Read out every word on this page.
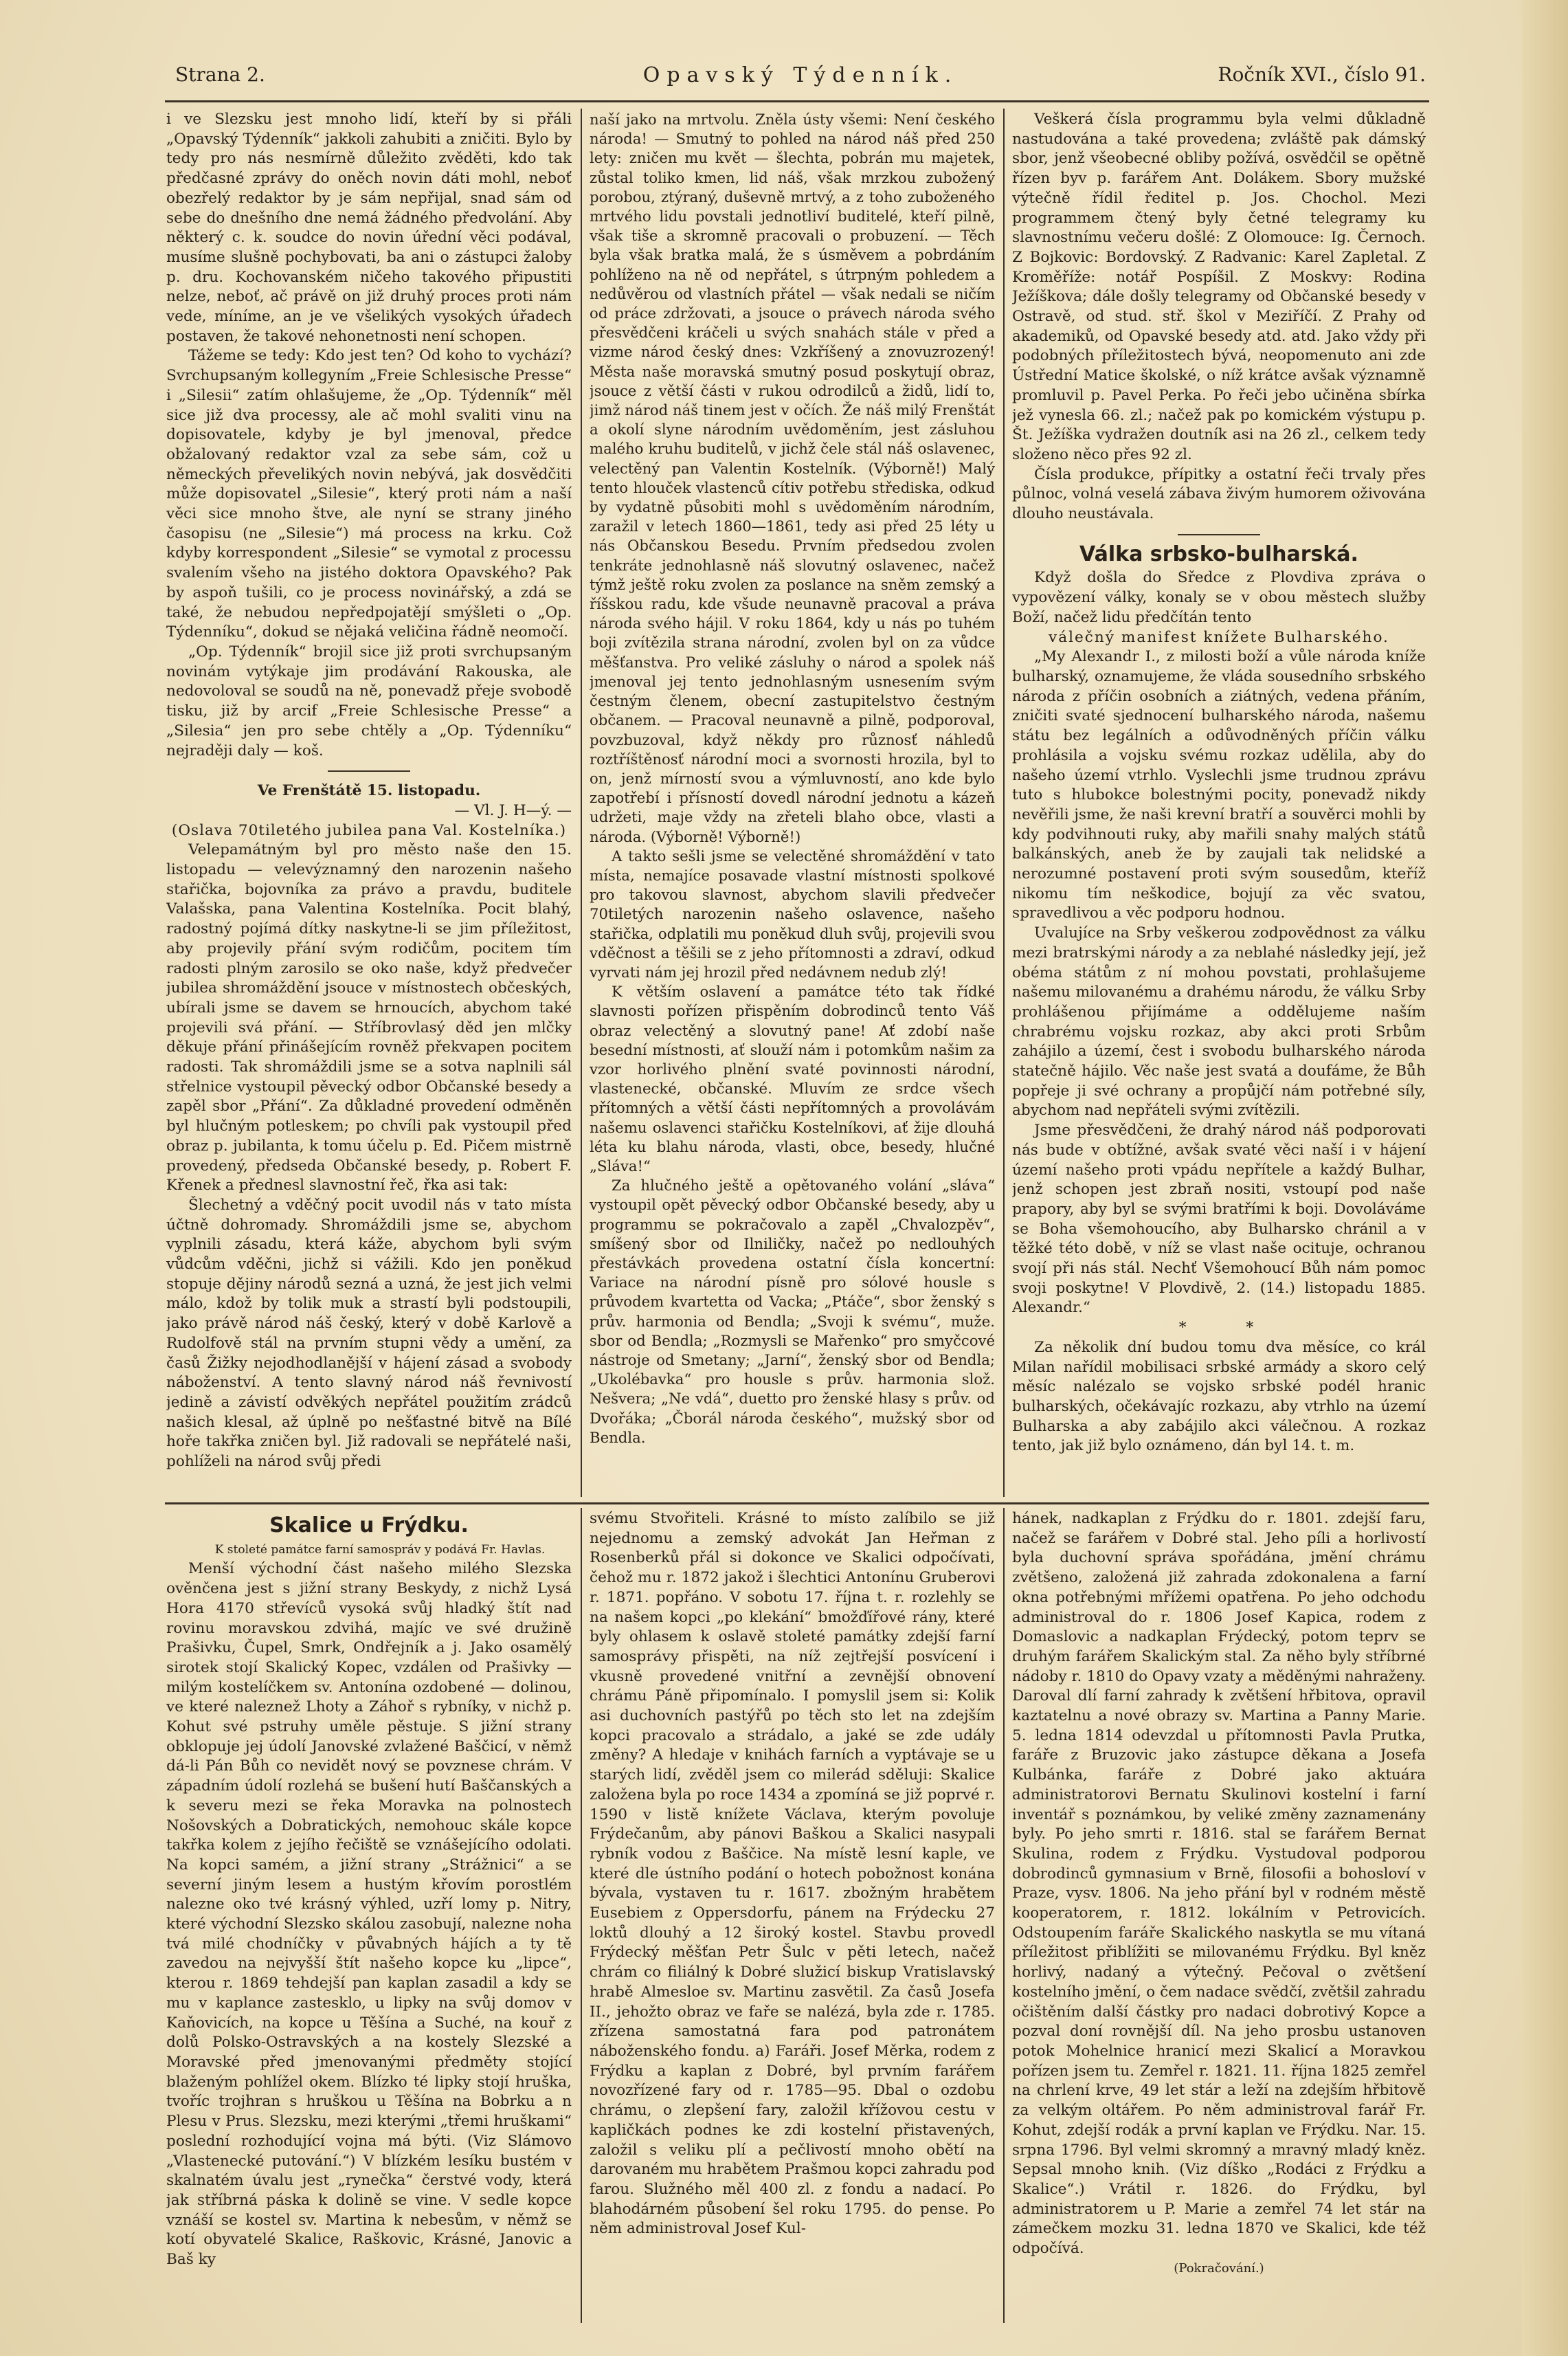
Strana 2.	Opavský Týdenník.	Ročník XVI., číslo 91.

i ve Slezsku jest mnoho lidí, kteří by si přáli „Opavský Týdenník“ jakkoli zahubiti a zničiti. Bylo by tedy pro nás nesmírně důležito zvěděti, kdo tak předčasné zprávy do oněch novin dáti mohl, neboť obezřelý redaktor by je sám nepřijal, snad sám od sebe do dnešního dne nemá žádného předvolání. Aby některý c. k. soudce do novin úřední věci podával, musíme slušně pochybovati, ba ani o zástupci žaloby p. dru. Kochovanském ničeho takového připustiti nelze, neboť, ač právě on již druhý proces proti nám vede, míníme, an je ve všelikých vysokých úřadech postaven, že takové nehonetnosti není schopen.

Tážeme se tedy: Kdo jest ten? Od koho to vychází? Svrchupsaným kollegyním „Freie Schlesische Presse“ i „Silesii“ zatím ohlašujeme, že „Op. Týdenník“ měl sice již dva processy, ale ač mohl svaliti vinu na dopisovatele, kdyby je byl jmenoval, předce obžalovaný redaktor vzal za sebe sám, což u německých převelikých novin nebývá, jak dosvědčiti může dopisovatel „Silesie“, který proti nám a naší věci sice mnoho štve, ale nyní se strany jiného časopisu (ne „Silesie“) má process na krku. Což kdyby korrespondent „Silesie“ se vymotal z processu svalením všeho na jistého doktora Opavského? Pak by aspoň tušili, co je process novinářský, a zdá se také, že nebudou nepředpojatějí smýšleti o „Op. Týdenníku“, dokud se nějaká veličina řádně neomočí.

„Op. Týdenník“ brojil sice již proti svrchupsaným novinám vytýkaje jim prodávání Rakouska, ale nedovoloval se soudů na ně, ponevadž přeje svobodě tisku, již by arcif „Freie Schlesische Presse“ a „Silesia“ jen pro sebe chtěly a „Op. Týdenníku“ nejraději daly — koš.

Ve Frenštátě 15. listopadu.

— Vl. J. H—ý. —

(Oslava 70tiletého jubilea pana Val. Kostelníka.)

Velepamátným byl pro město naše den 15. listopadu — velevýznamný den narozenin našeho stařička, bojovníka za právo a pravdu, buditele Valašska, pana Valentina Kostelníka. Pocit blahý, radostný pojímá dítky naskytne-li se jim příležitost, aby projevily přání svým rodičům, pocitem tím radosti plným zarosilo se oko naše, když předvečer jubilea shromáždění jsouce v místnostech občeských, ubírali jsme se davem se hrnoucích, abychom také projevili svá přání. — Stříbrovlasý děd jen mlčky děkuje přání přinášejícím rovněž překvapen pocitem radosti. Tak shromáždili jsme se a sotva naplnili sál střelnice vystoupil pěvecký odbor Občanské besedy a zapěl sbor „Přání“. Za důkladné provedení odměněn byl hlučným potleskem; po chvíli pak vystoupil před obraz p. jubilanta, k tomu účelu p. Ed. Pičem mistrně provedený, předseda Občanské besedy, p. Robert F. Křenek a přednesl slavnostní řeč, řka asi tak:

Šlechetný a vděčný pocit uvodil nás v tato místa účtně dohromady. Shromáždili jsme se, abychom vyplnili zásadu, která káže, abychom byli svým vůdcům vděčni, jichž si vážili. Kdo jen poněkud stopuje dějiny národů sezná a uzná, že jest jich velmi málo, kdož by tolik muk a strastí byli podstoupili, jako právě národ náš český, který v době Karlově a Rudolfově stál na prvním stupni vědy a umění, za časů Žižky nejodhodlanější v hájení zásad a svobody náboženství. A tento slavný národ náš řevnivostí jedině a závistí odvěkých nepřátel použitím zrádců našich klesal, až úplně po nešťastné bitvě na Bílé hoře takřka zničen byl. Již radovali se nepřátelé naši, pohlíželi na národ svůj předi

naší jako na mrtvolu. Zněla ústy všemi: Není českého národa! — Smutný to pohled na národ náš před 250 lety: zničen mu květ — šlechta, pobrán mu majetek, zůstal toliko kmen, lid náš, však mrzkou zubožený porobou, ztýraný, duševně mrtvý, a z toho zuboženého mrtvého lidu povstali jednotliví buditelé, kteří pilně, však tiše a skromně pracovali o probuzení. — Těch byla však bratka malá, že s úsměvem a pobrdáním pohlíženo na ně od nepřátel, s útrpným pohledem a nedůvěrou od vlastních přátel — však nedali se ničím od práce zdržovati, a jsouce o právech národa svého přesvědčeni kráčeli u svých snahách stále v před a vizme národ český dnes: Vzkříšený a znovuzrozený! Města naše moravská smutný posud poskytují obraz, jsouce z větší části v rukou odrodilců a židů, lidí to, jimž národ náš tinem jest v očích. Že náš milý Frenštát a okolí slyne národním uvědoměním, jest zásluhou malého kruhu buditelů, v jichž čele stál náš oslavenec, velectěný pan Valentin Kostelník. (Výborně!) Malý tento hlouček vlastenců cítiv potřebu střediska, odkud by vydatně působiti mohl s uvědoměním národním, zaražil v letech 1860—1861, tedy asi před 25 léty u nás Občanskou Besedu. Prvním předsedou zvolen tenkráte jednohlasně náš slovutný oslavenec, načež týmž ještě roku zvolen za poslance na sněm zemský a říšskou radu, kde všude neunavně pracoval a práva národa svého hájil. V roku 1864, kdy u nás po tuhém boji zvítězila strana národní, zvolen byl on za vůdce měšťanstva. Pro veliké zásluhy o národ a spolek náš jmenoval jej tento jednohlasným usnesením svým čestným členem, obecní zastupitelstvo čestným občanem. — Pracoval neunavně a pilně, podporoval, povzbuzoval, když někdy pro různosť náhledů roztříštěnosť národní moci a svornosti hrozila, byl to on, jenž mírností svou a výmluvností, ano kde bylo zapotřebí i přísností dovedl národní jednotu a kázeň udržeti, maje vždy na zřeteli blaho obce, vlasti a národa. (Výborně! Výborně!)

A takto sešli jsme se velectěné shromáždění v tato místa, nemajíce posavade vlastní místnosti spolkové pro takovou slavnost, abychom slavili předvečer 70tiletých narozenin našeho oslavence, našeho stařička, odplatili mu poněkud dluh svůj, projevili svou vděčnost a těšili se z jeho přítomnosti a zdraví, odkud vyrvati nám jej hrozil před nedávnem nedub zlý!

K větším oslavení a památce této tak řídké slavnosti pořízen přispěním dobrodinců tento Váš obraz velectěný a slovutný pane! Ať zdobí naše besední místnosti, ať slouží nám i potomkům našim za vzor horlivého plnění svaté povinnosti národní, vlastenecké, občanské. Mluvím ze srdce všech přítomných a větší části nepřítomných a provolávám našemu oslavenci stařičku Kostelníkovi, ať žije dlouhá léta ku blahu národa, vlasti, obce, besedy, hlučné „Sláva!“

Za hlučného ještě a opětovaného volání „sláva“ vystoupil opět pěvecký odbor Občanské besedy, aby u programmu se pokračovalo a zapěl „Chvalozpěv“, smíšený sbor od Ilniličky, načež po nedlouhých přestávkách provedena ostatní čísla koncertní: Variace na národní písně pro sólové housle s průvodem kvartetta od Vacka; „Ptáče“, sbor ženský s prův. harmonia od Bendla; „Svoji k svému“, muže. sbor od Bendla; „Rozmysli se Mařenko“ pro smyčcové nástroje od Smetany; „Jarní“, ženský sbor od Bendla; „Ukolébavka“ pro housle s prův. harmonia slož. Nešvera; „Ne vdá“, duetto pro ženské hlasy s prův. od Dvořáka; „Čborál národa českého“, mužský sbor od Bendla.

Veškerá čísla programmu byla velmi důkladně nastudována a také provedena; zvláště pak dámský sbor, jenž všeobecné obliby požívá, osvědčil se opětně řízen byv p. farářem Ant. Dolákem. Sbory mužské výtečně řídil ředitel p. Jos. Chochol. Mezi programmem čtený byly četné telegramy ku slavnostnímu večeru došlé: Z Olomouce: Ig. Černoch. Z Bojkovic: Bordovský. Z Radvanic: Karel Zapletal. Z Kroměříže: notář Pospíšil. Z Moskvy: Rodina Ježíškova; dále došly telegramy od Občanské besedy v Ostravě, od stud. stř. škol v Meziříčí. Z Prahy od akademiků, od Opavské besedy atd. atd. Jako vždy při podobných příležitostech bývá, neopomenuto ani zde Ústřední Matice školské, o níž krátce avšak významně promluvil p. Pavel Perka. Po řeči jebo učiněna sbírka jež vynesla 66. zl.; načež pak po komickém výstupu p. Št. Ježíška vydražen doutník asi na 26 zl., celkem tedy složeno něco přes 92 zl.

Čísla produkce, přípitky a ostatní řeči trvaly přes půlnoc, volná veselá zábava živým humorem oživována dlouho neustávala.

Válka srbsko-bulharská.

Když došla do Sředce z Plovdiva zpráva o vypovězení války, konaly se v obou městech služby Boží, načež lidu předčítán tento

válečný manifest knížete Bulharského.

„My Alexandr I., z milosti boží a vůle národa kníže bulharský, oznamujeme, že vláda sousedního srbského národa z příčin osobních a ziátných, vedena přáním, zničiti svaté sjednocení bulharského národa, našemu státu bez legálních a odůvodněných příčin válku prohlásila a vojsku svému rozkaz udělila, aby do našeho území vtrhlo. Vyslechli jsme trudnou zprávu tuto s hlubokce bolestnými pocity, ponevadž nikdy nevěřili jsme, že naši krevní bratří a souvěrci mohli by kdy podvihnouti ruky, aby mařili snahy malých států balkánských, aneb že by zaujali tak nelidské a nerozumné postavení proti svým sousedům, kteříž nikomu tím neškodice, bojují za věc svatou, spravedlivou a věc podporu hodnou.

Uvalujíce na Srby veškerou zodpovědnost za válku mezi bratrskými národy a za neblahé následky její, jež obéma státům z ní mohou povstati, prohlašujeme našemu milovanému a drahému národu, že válku Srby prohlášenou přijímáme a oddělujeme naším chrabrému vojsku rozkaz, aby akci proti Srbům zahájilo a území, čest i svobodu bulharského národa statečně hájilo. Věc naše jest svatá a doufáme, že Bůh popřeje ji své ochrany a propůjčí nám potřebné síly, abychom nad nepřáteli svými zvítězili.

Jsme přesvědčeni, že drahý národ náš podporovati nás bude v obtížné, avšak svaté věci naší i v hájení území našeho proti vpádu nepřítele a každý Bulhar, jenž schopen jest zbraň nositi, vstoupí pod naše prapory, aby byl se svými bratřími k boji. Dovoláváme se Boha všemohoucího, aby Bulharsko chránil a v těžké této době, v níž se vlast naše ocituje, ochranou svojí při nás stál. Nechť Všemohoucí Bůh nám pomoc svoji poskytne! V Plovdivě, 2. (14.) listopadu 1885. Alexandr.“

* *

Za několik dní budou tomu dva měsíce, co král Milan nařídil mobilisaci srbské armády a skoro celý měsíc nalézalo se vojsko srbské podél hranic bulharských, očekávajíc rozkazu, aby vtrhlo na území Bulharska a aby zabájilo akci válečnou. A rozkaz tento, jak již bylo oznámeno, dán byl 14. t. m.

Skalice u Frýdku.

K stoleté památce farní samospráv y podává Fr. Havlas.

Menší východní část našeho milého Slezska ověnčena jest s jižní strany Beskydy, z nichž Lysá Hora 4170 střevíců vysoká svůj hladký štít nad rovinu moravskou zdvihá, majíc ve své družině Prašivku, Čupel, Smrk, Ondřejník a j. Jako osamělý sirotek stojí Skalický Kopec, vzdálen od Prašivky — milým kostelíčkem sv. Antonína ozdobené — dolinou, ve které naleznež Lhoty a Záhoř s rybníky, v nichž p. Kohut své pstruhy uměle pěstuje. S jižní strany obklopuje jej údolí Janovské zvlažené Baščicí, v němž dá-li Pán Bůh co nevidět nový se povznese chrám. V západním údolí rozlehá se bušení hutí Baščanských a k severu mezi se řeka Moravka na polnostech Nošovských a Dobratických, nemohouc skále kopce takřka kolem z jejího řečiště se vznášejícího odolati. Na kopci samém, a jižní strany „Strážnici“ a se severní jiným lesem a hustým křovím porostlém nalezne oko tvé krásný výhled, uzří lomy p. Nitry, které východní Slezsko skálou zasobují, nalezne noha tvá milé chodníčky v půvabných hájích a ty tě zavedou na nejvyšší štít našeho kopce ku „lipce“, kterou r. 1869 tehdejší pan kaplan zasadil a kdy se mu v kaplance zastesklo, u lipky na svůj domov v Kaňovicích, na kopce u Těšína a Suché, na kouř z dolů Polsko-Ostravských a na kostely Slezské a Moravské před jmenovanými předměty stojící blaženým pohlížel okem. Blízko té lipky stojí hruška, tvoříc trojhran s hruškou u Těšína na Bobrku a n Plesu v Prus. Slezsku, mezi kterými „třemi hruškami“ poslední rozhodující vojna má býti. (Viz Slámovo „Vlastenecké putování.“) V blízkém lesíku bustém v skalnatém úvalu jest „rynečka“ čerstvé vody, která jak stříbrná páska k dolině se vine. V sedle kopce vznáší se kostel sv. Martina k nebesům, v němž se kotí obyvatelé Skalice, Raškovic, Krásné, Janovic a Baš ky

svému Stvořiteli. Krásné to místo zalíbilo se již nejednomu a zemský advokát Jan Heřman z Rosenberků přál si dokonce ve Skalici odpočívati, čehož mu r. 1872 jakož i šlechtici Antonínu Gruberovi r. 1871. popřáno. V sobotu 17. října t. r. rozlehly se na našem kopci „po klekání“ bmožďířové rány, které byly ohlasem k oslavě stoleté památky zdejší farní samosprávy přispěti, na níž zejtřejší posvícení i vkusně provedené vnitřní a zevnější obnovení chrámu Páně připomínalo. I pomyslil jsem si: Kolik asi duchovních pastýřů po těch sto let na zdejším kopci pracovalo a strádalo, a jaké se zde udály změny? A hledaje v knihách farních a vyptávaje se u starých lidí, zvěděl jsem co milerád sděluji: Skalice založena byla po roce 1434 a zpomíná se již poprvé r. 1590 v listě knížete Václava, kterým povoluje Frýdečanům, aby pánovi Baškou a Skalici nasypali rybník vodou z Baščice. Na místě lesní kaple, ve které dle ústního podání o hotech pobožnost konána bývala, vystaven tu r. 1617. zbožným hrabětem Eusebiem z Oppersdorfu, pánem na Frýdecku 27 loktů dlouhý a 12 široký kostel. Stavbu provedl Frýdecký měšťan Petr Šulc v pěti letech, načež chrám co filiálný k Dobré služicí biskup Vratislavský hrabě Almesloe sv. Martinu zasvětil. Za časů Josefa II., jehožto obraz ve faře se nalézá, byla zde r. 1785. zřízena samostatná fara pod patronátem náboženského fondu. a) Faráři. Josef Měrka, rodem z Frýdku a kaplan z Dobré, byl prvním farářem novozřízené fary od r. 1785—95. Dbal o ozdobu chrámu, o zlepšení fary, založil křížovou cestu v kapličkách podnes ke zdi kostelní přistavených, založil s veliku plí a pečlivostí mnoho obětí na darovaném mu hrabětem Prašmou kopci zahradu pod farou. Služného měl 400 zl. z fondu a nadací. Po blahodárném působení šel roku 1795. do pense. Po něm administroval Josef Kul-

hánek, nadkaplan z Frýdku do r. 1801. zdejší faru, načež se farářem v Dobré stal. Jeho píli a horlivostí byla duchovní správa spořádána, jmění chrámu zvětšeno, založená již zahrada zdokonalena a farní okna potřebnými mřížemi opatřena. Po jeho odchodu administroval do r. 1806 Josef Kapica, rodem z Domaslovic a nadkaplan Frýdecký, potom teprv se druhým farářem Skalickým stal. Za něho byly stříbrné nádoby r. 1810 do Opavy vzaty a měděnými nahraženy. Daroval dlí farní zahrady k zvětšení hřbitova, opravil kaztatelnu a nové obrazy sv. Martina a Panny Marie. 5. ledna 1814 odevzdal u přítomnosti Pavla Prutka, faráře z Bruzovic jako zástupce děkana a Josefa Kulbánka, faráře z Dobré jako aktuára administratorovi Bernatu Skulinovi kostelní i farní inventář s poznámkou, by veliké změny zaznamenány byly. Po jeho smrti r. 1816. stal se farářem Bernat Skulina, rodem z Frýdku. Vystudoval podporou dobrodinců gymnasium v Brně, filosofii a bohosloví v Praze, vysv. 1806. Na jeho přání byl v rodném městě kooperatorem, r. 1812. lokálním v Petrovicích. Odstoupením faráře Skalického naskytla se mu vítaná příležitost přiblížiti se milovanému Frýdku. Byl kněz horlivý, nadaný a výtečný. Pečoval o zvětšení kostelního jmění, o čem nadace svědčí, zvětšil zahradu očištěním další částky pro nadaci dobrotivý Kopce a pozval doní rovnější díl. Na jeho prosbu ustanoven potok Mohelnice hranicí mezi Skalicí a Moravkou pořízen jsem tu. Zemřel r. 1821. 11. října 1825 zemřel na chrlení krve, 49 let stár a leží na zdejším hřbitově za velkým oltářem. Po něm administroval farář Fr. Kohut, zdejší rodák a první kaplan ve Frýdku. Nar. 15. srpna 1796. Byl velmi skromný a mravný mladý kněz. Sepsal mnoho knih. (Viz díško „Rodáci z Frýdku a Skalice“.) Vrátil r. 1826. do Frýdku, byl administratorem u P. Marie a zemřel 74 let stár na zámečkem mozku 31. ledna 1870 ve Skalici, kde též odpočívá.

(Pokračování.)
